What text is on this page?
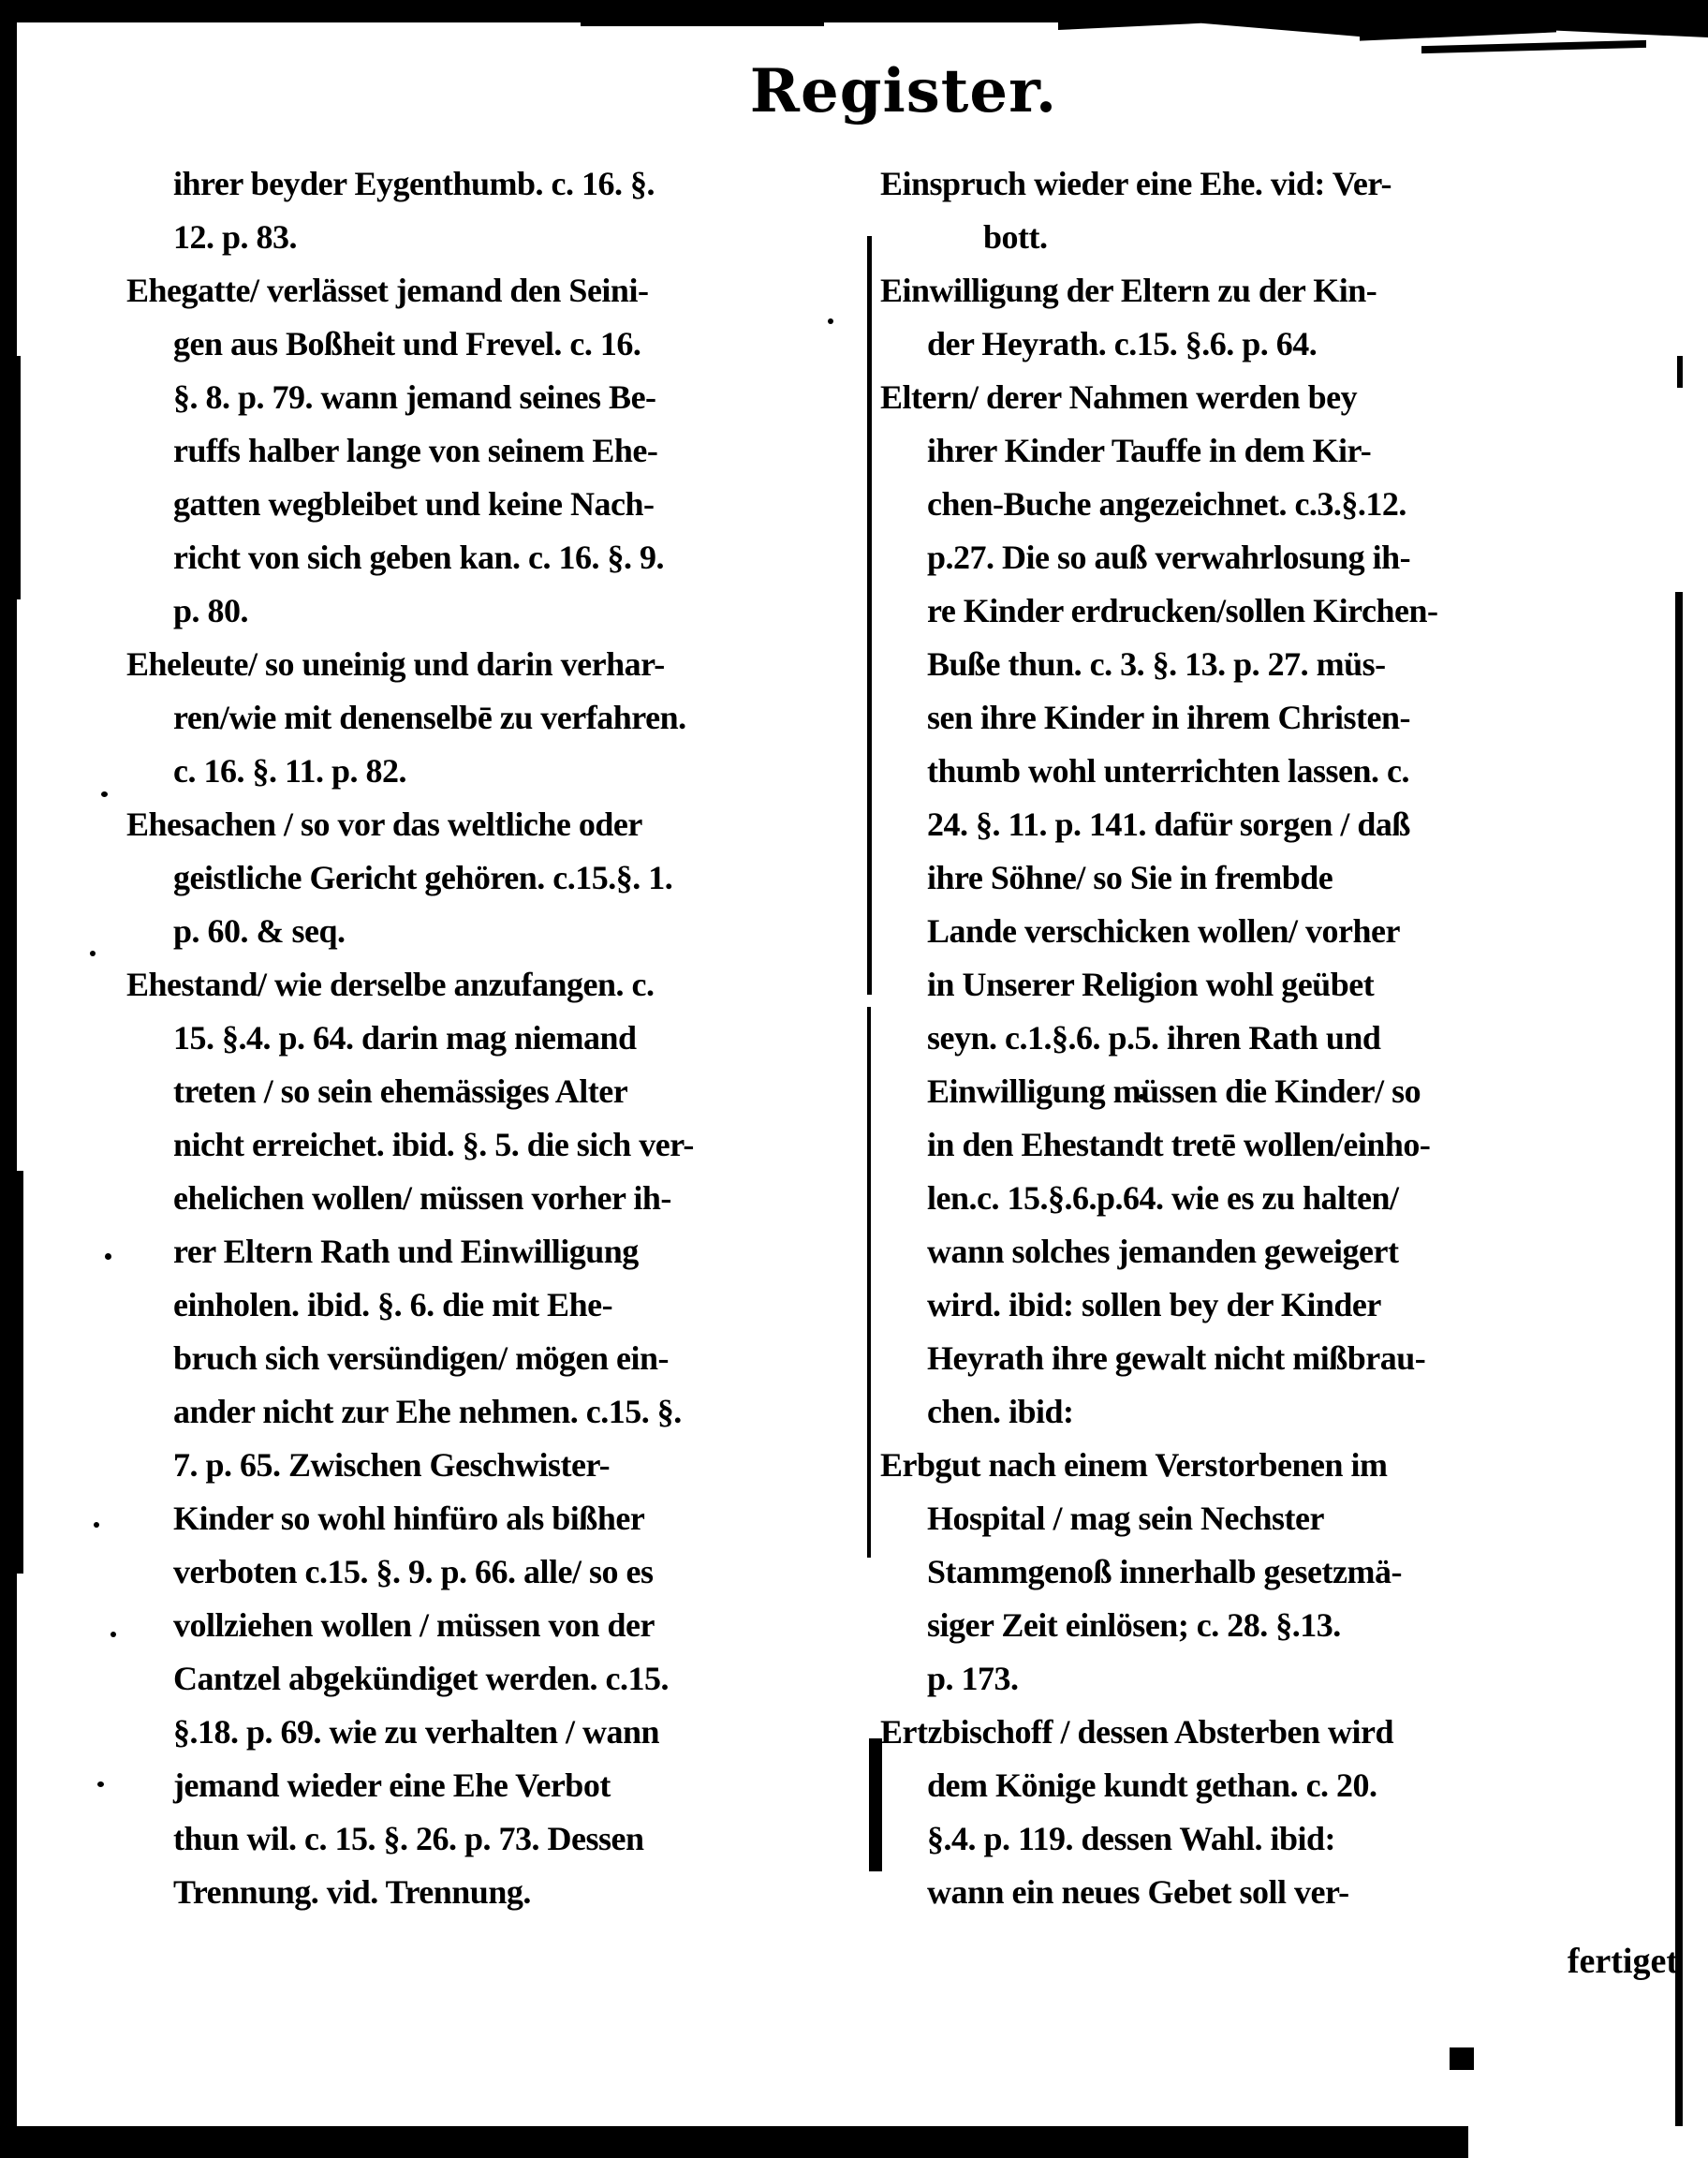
Register.
ihrer beyder Eygenthumb. c. 16. §.
12. p. 83.
Ehegatte/ verlässet jemand den Seini-
gen aus Boßheit und Frevel. c. 16.
§. 8. p. 79. wann jemand seines Be-
ruffs halber lange von seinem Ehe-
gatten wegbleibet und keine Nach-
richt von sich geben kan. c. 16. §. 9.
p. 80.
Eheleute/ so uneinig und darin verhar-
ren/wie mit denenselbē zu verfahren.
c. 16. §. 11. p. 82.
Ehesachen / so vor das weltliche oder
geistliche Gericht gehören. c.15.§. 1.
p. 60. & seq.
Ehestand/ wie derselbe anzufangen. c.
15. §.4. p. 64. darin mag niemand
treten / so sein ehemässiges Alter
nicht erreichet. ibid. §. 5. die sich ver-
ehelichen wollen/ müssen vorher ih-
rer Eltern Rath und Einwilligung
einholen. ibid. §. 6. die mit Ehe-
bruch sich versündigen/ mögen ein-
ander nicht zur Ehe nehmen. c.15. §.
7. p. 65. Zwischen Geschwister-
Kinder so wohl hinfüro als bißher
verboten c.15. §. 9. p. 66. alle/ so es
vollziehen wollen / müssen von der
Cantzel abgekündiget werden. c.15.
§.18. p. 69. wie zu verhalten / wann
jemand wieder eine Ehe Verbot
thun wil. c. 15. §. 26. p. 73. Dessen
Trennung. vid. Trennung.
Einspruch wieder eine Ehe. vid: Ver-
bott.
Einwilligung der Eltern zu der Kin-
der Heyrath. c.15. §.6. p. 64.
Eltern/ derer Nahmen werden bey
ihrer Kinder Tauffe in dem Kir-
chen-Buche angezeichnet. c.3.§.12.
p.27. Die so auß verwahrlosung ih-
re Kinder erdrucken/sollen Kirchen-
Buße thun. c. 3. §. 13. p. 27. müs-
sen ihre Kinder in ihrem Christen-
thumb wohl unterrichten lassen. c.
24. §. 11. p. 141. dafür sorgen / daß
ihre Söhne/ so Sie in frembde
Lande verschicken wollen/ vorher
in Unserer Religion wohl geübet
seyn. c.1.§.6. p.5. ihren Rath und
Einwilligung müssen die Kinder/ so
in den Ehestandt tretē wollen/einho-
len.c. 15.§.6.p.64. wie es zu halten/
wann solches jemanden geweigert
wird. ibid: sollen bey der Kinder
Heyrath ihre gewalt nicht mißbrau-
chen. ibid:
Erbgut nach einem Verstorbenen im
Hospital / mag sein Nechster
Stammgenoß innerhalb gesetzmä-
siger Zeit einlösen; c. 28. §.13.
p. 173.
Ertzbischoff / dessen Absterben wird
dem Könige kundt gethan. c. 20.
§.4. p. 119. dessen Wahl. ibid:
wann ein neues Gebet soll ver-
fertiget
